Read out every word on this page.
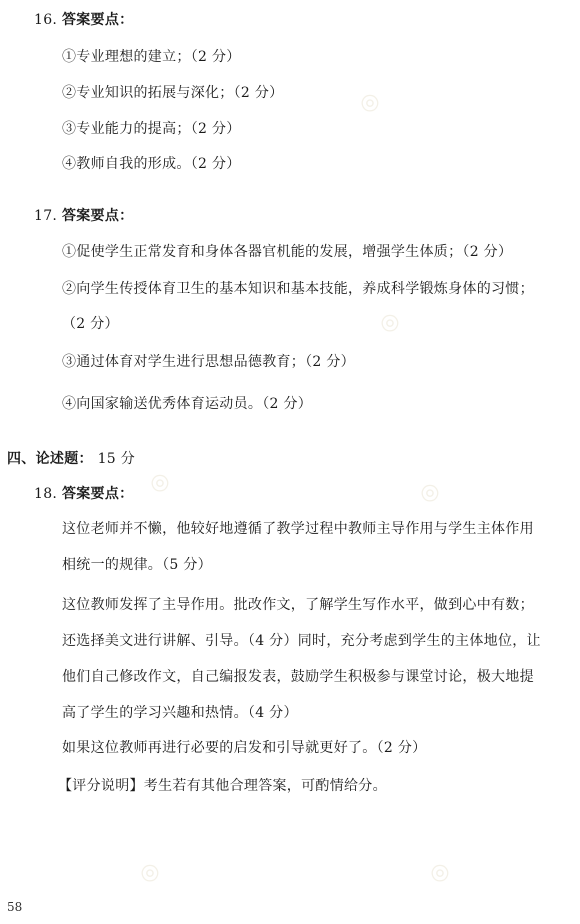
◎
◎
◎	◎
◎	◎
16. 答案要点：
①专业理想的建立；（2 分）
②专业知识的拓展与深化；（2 分）
③专业能力的提高；（2 分）
④教师自我的形成。（2 分）
17. 答案要点：
①促使学生正常发育和身体各器官机能的发展，增强学生体质；（2 分）
②向学生传授体育卫生的基本知识和基本技能，养成科学锻炼身体的习惯；
（2 分）
③通过体育对学生进行思想品德教育；（2 分）
④向国家输送优秀体育运动员。（2 分）
四、论述题： 15 分
18. 答案要点：
这位老师并不懒，他较好地遵循了教学过程中教师主导作用与学生主体作用
相统一的规律。（5 分）
这位教师发挥了主导作用。批改作文，了解学生写作水平，做到心中有数；
还选择美文进行讲解、引导。（4 分）同时，充分考虑到学生的主体地位，让
他们自己修改作文，自己编报发表，鼓励学生积极参与课堂讨论，极大地提
高了学生的学习兴趣和热情。（4 分）
如果这位教师再进行必要的启发和引导就更好了。（2 分）
【评分说明】考生若有其他合理答案，可酌情给分。
58
